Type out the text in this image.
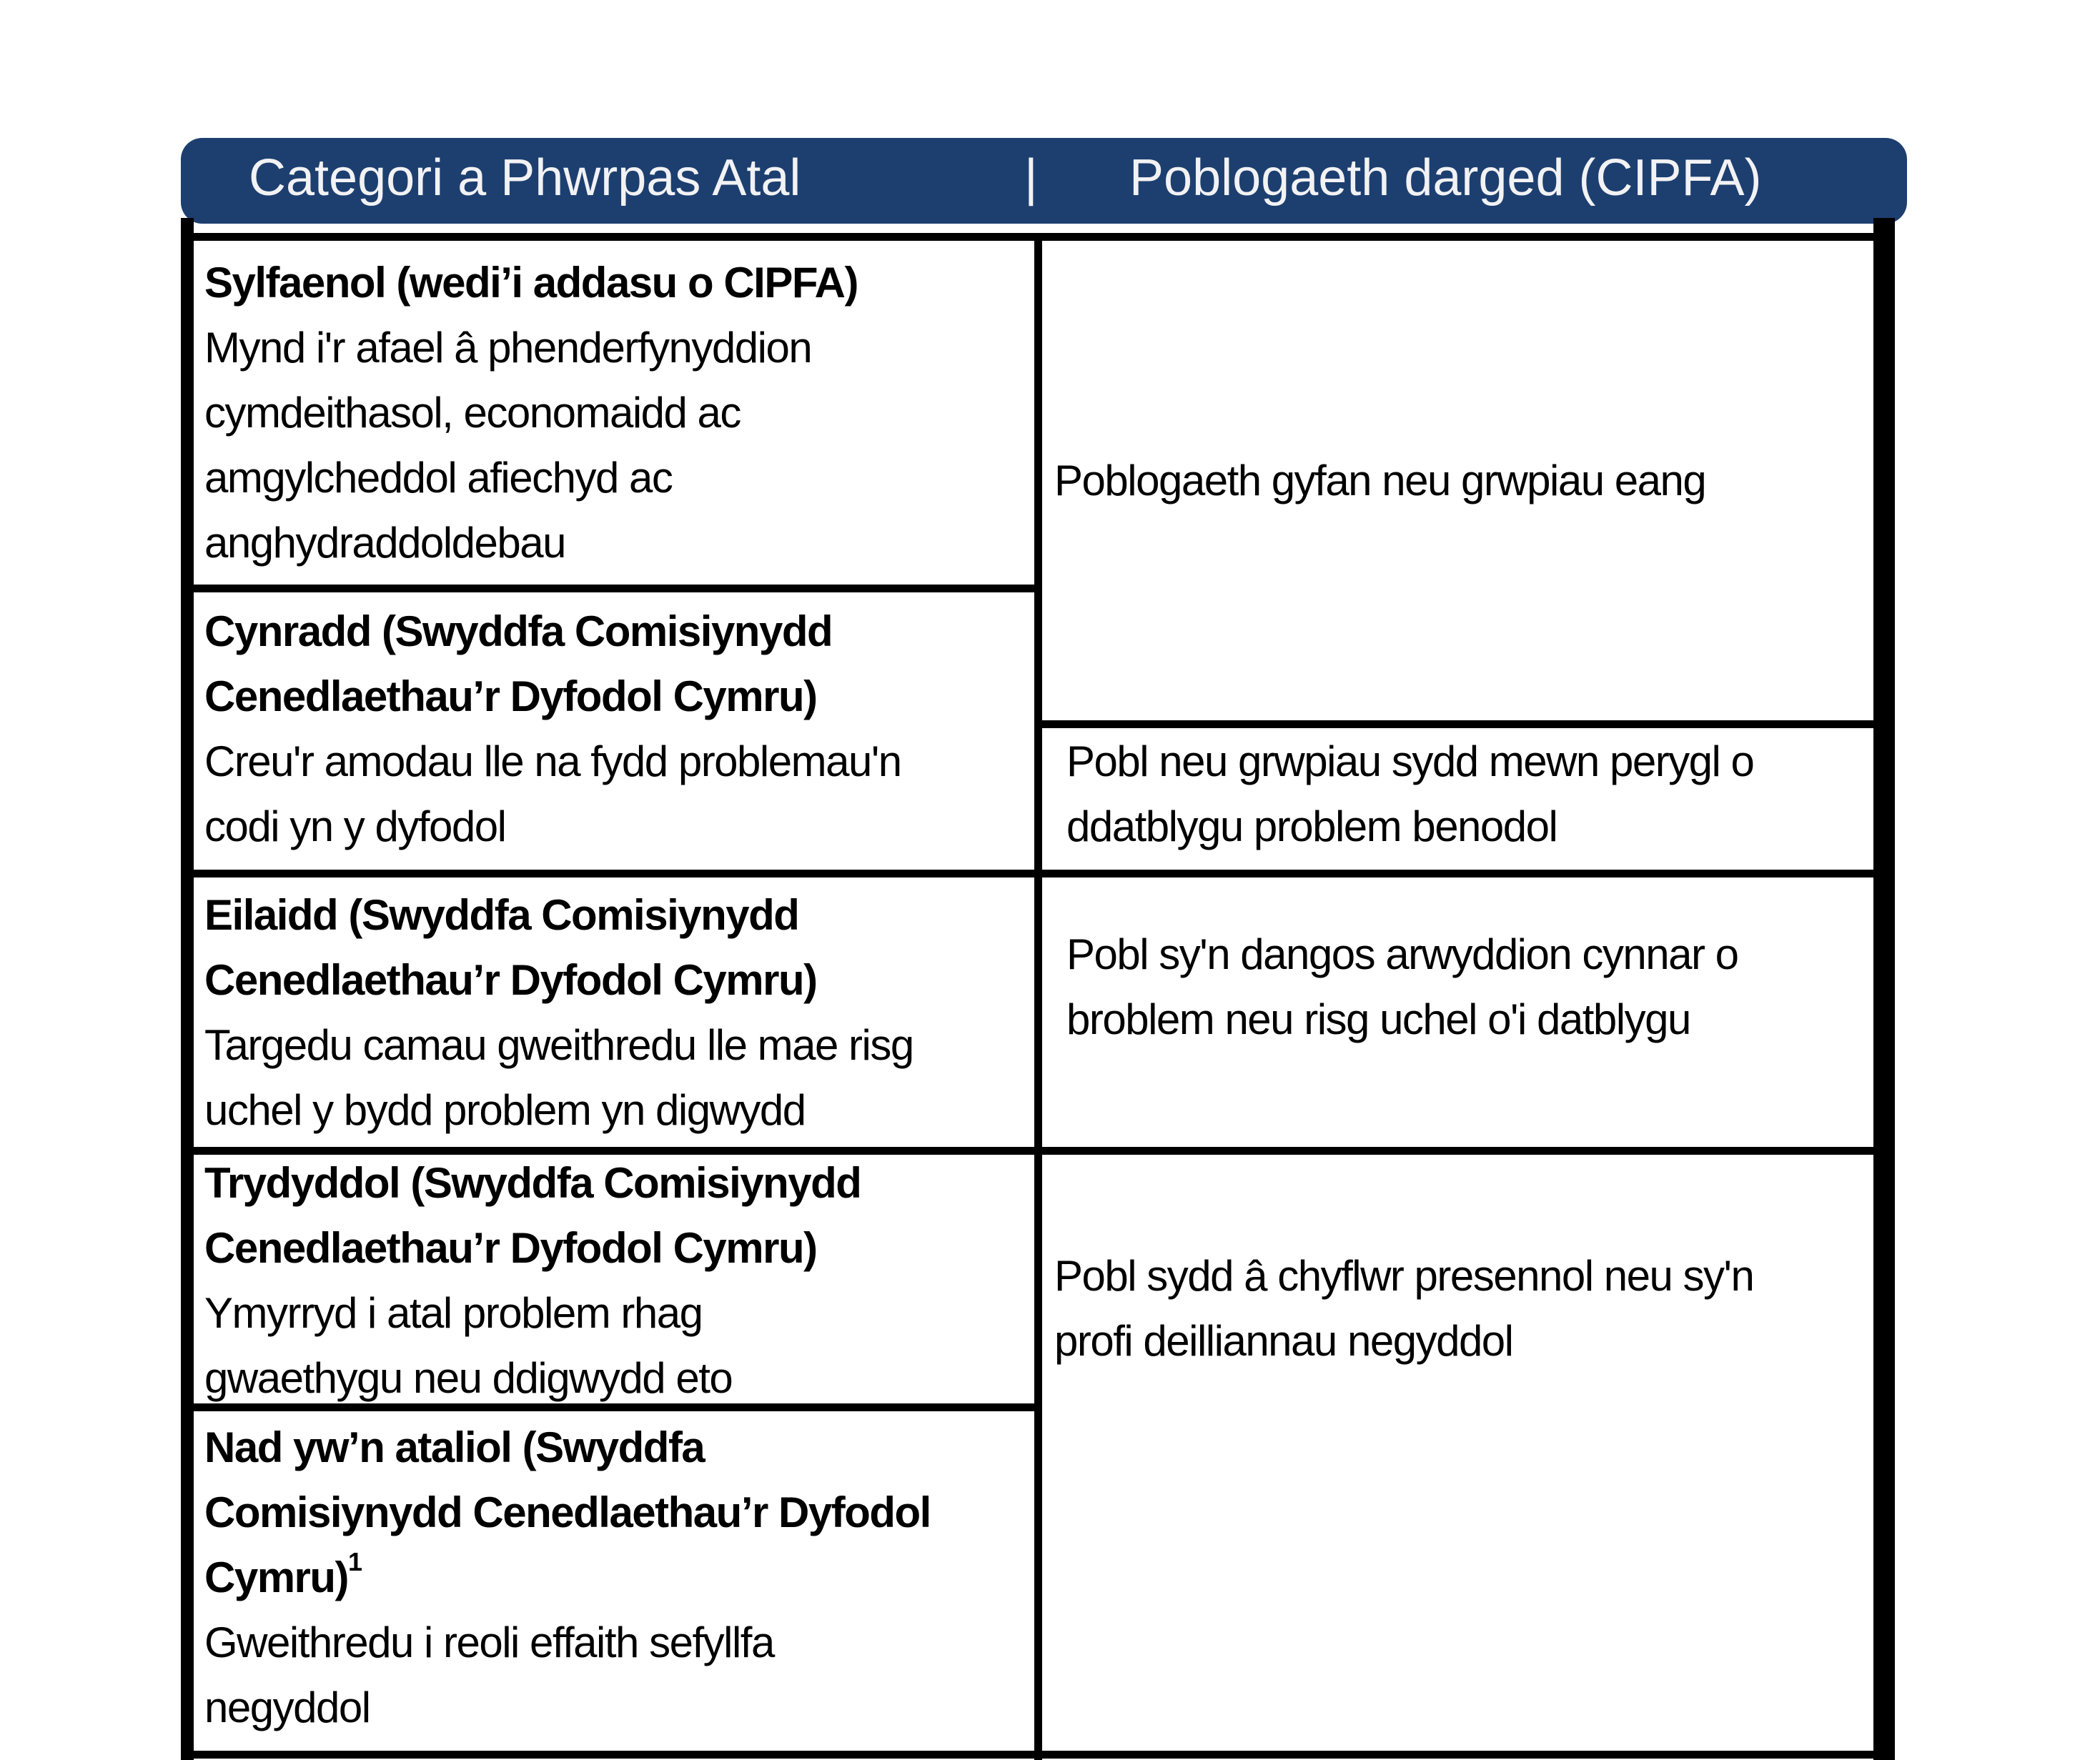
Categori a Phwrpas Atal	| Poblogaeth darged (CIPFA)
Sylfaenol (wedi’i addasu o CIPFA)
Mynd i'r afael â phenderfynyddion
cymdeithasol, economaidd ac
amgylcheddol afiechyd ac
anghydraddoldebau
Cynradd (Swyddfa Comisiynydd
Cenedlaethau’r Dyfodol Cymru)
Creu'r amodau lle na fydd problemau'n
codi yn y dyfodol
Eilaidd (Swyddfa Comisiynydd
Cenedlaethau’r Dyfodol Cymru)
Targedu camau gweithredu lle mae risg
uchel y bydd problem yn digwydd
Trydyddol (Swyddfa Comisiynydd
Cenedlaethau’r Dyfodol Cymru)
Ymyrryd i atal problem rhag
gwaethygu neu ddigwydd eto
Nad yw’n ataliol (Swyddfa
Comisiynydd Cenedlaethau’r Dyfodol
Cymru)$^1$
Gweithredu i reoli effaith sefyllfa
negyddol
Poblogaeth gyfan neu grwpiau eang
Pobl neu grwpiau sydd mewn perygl o
ddatblygu problem benodol
Pobl sy'n dangos arwyddion cynnar o
broblem neu risg uchel o'i datblygu
Pobl sydd â chyflwr presennol neu sy'n
profi deilliannau negyddol
